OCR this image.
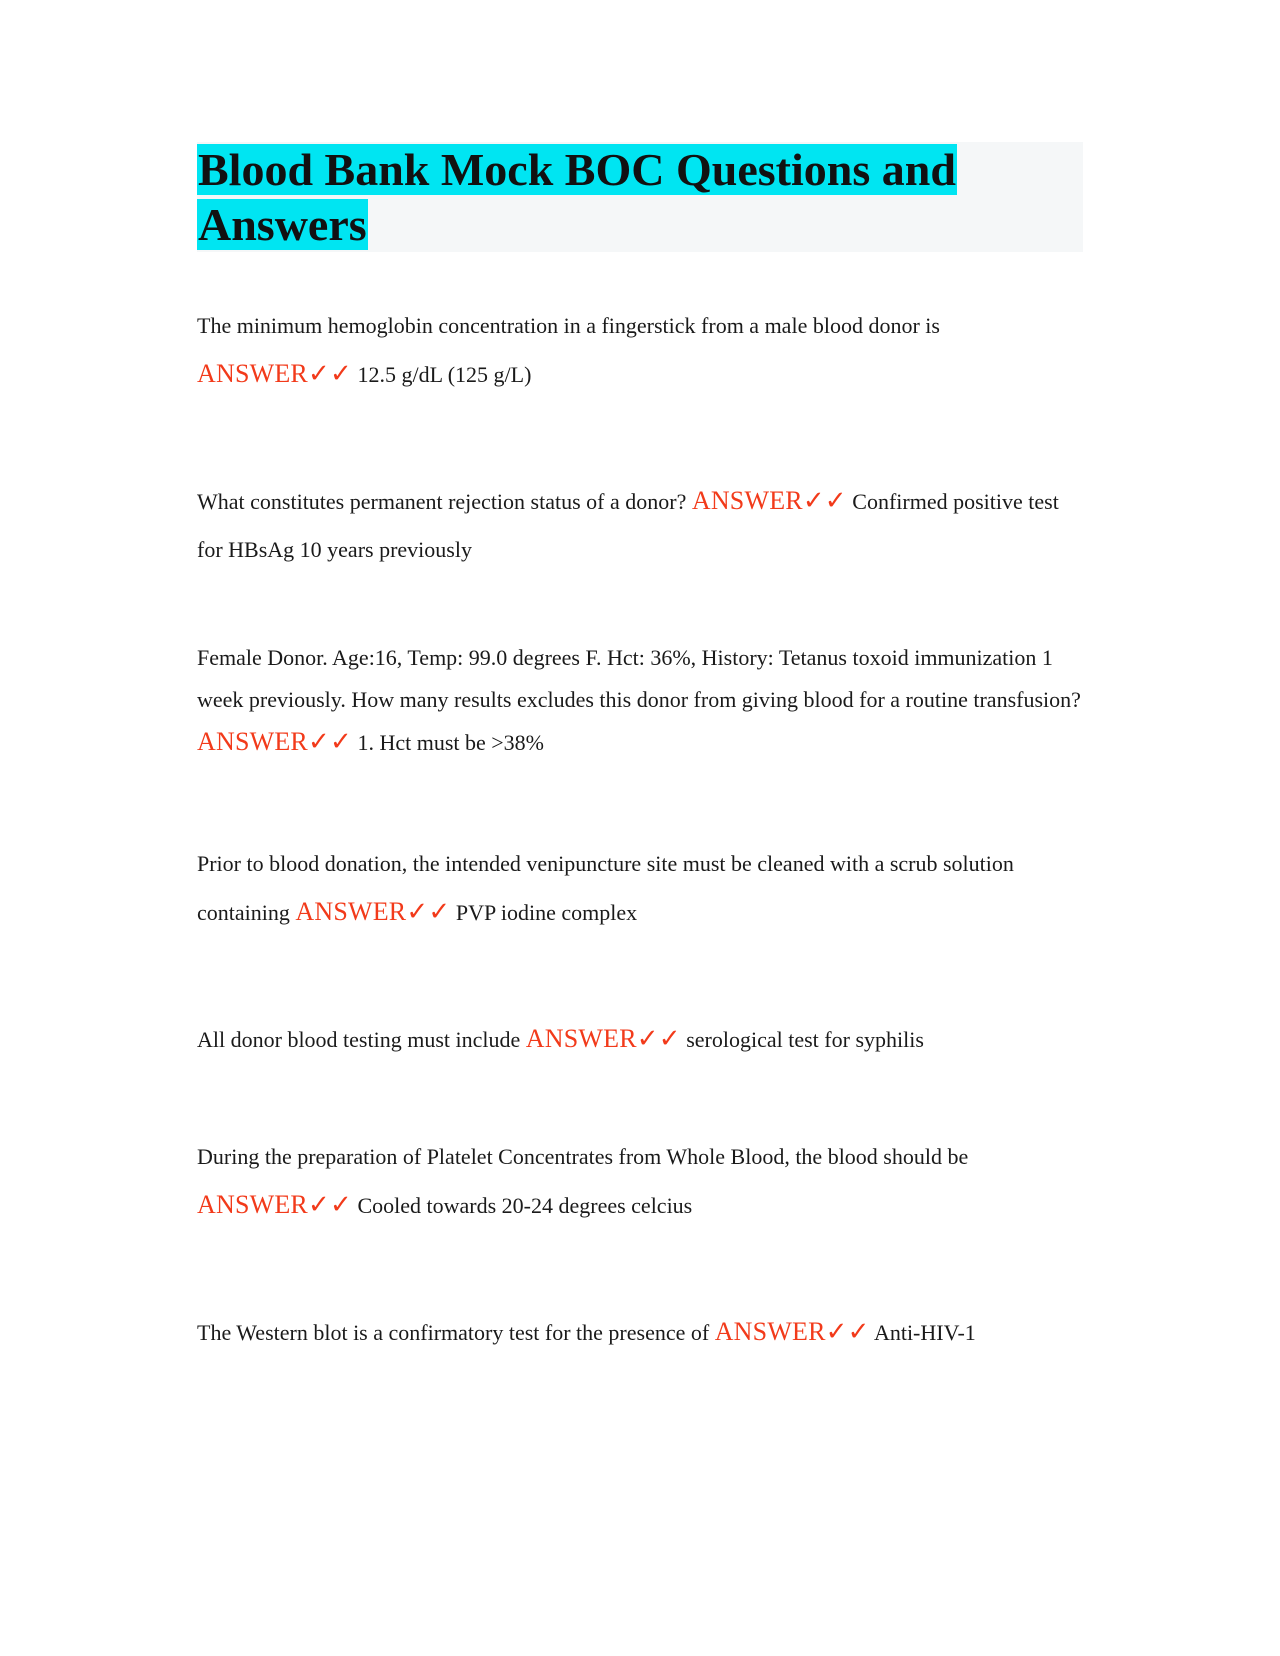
Blood Bank Mock BOC Questions and Answers

The minimum hemoglobin concentration in a fingerstick from a male blood donor is ANSWER✓✓ 12.5 g/dL (125 g/L)

What constitutes permanent rejection status of a donor? ANSWER✓✓ Confirmed positive test for HBsAg 10 years previously

Female Donor. Age:16, Temp: 99.0 degrees F. Hct: 36%, History: Tetanus toxoid immunization 1 week previously. How many results excludes this donor from giving blood for a routine transfusion? ANSWER✓✓ 1. Hct must be >38%

Prior to blood donation, the intended venipuncture site must be cleaned with a scrub solution containing ANSWER✓✓ PVP iodine complex

All donor blood testing must include ANSWER✓✓ serological test for syphilis

During the preparation of Platelet Concentrates from Whole Blood, the blood should be ANSWER✓✓ Cooled towards 20-24 degrees celcius

The Western blot is a confirmatory test for the presence of ANSWER✓✓ Anti-HIV-1
